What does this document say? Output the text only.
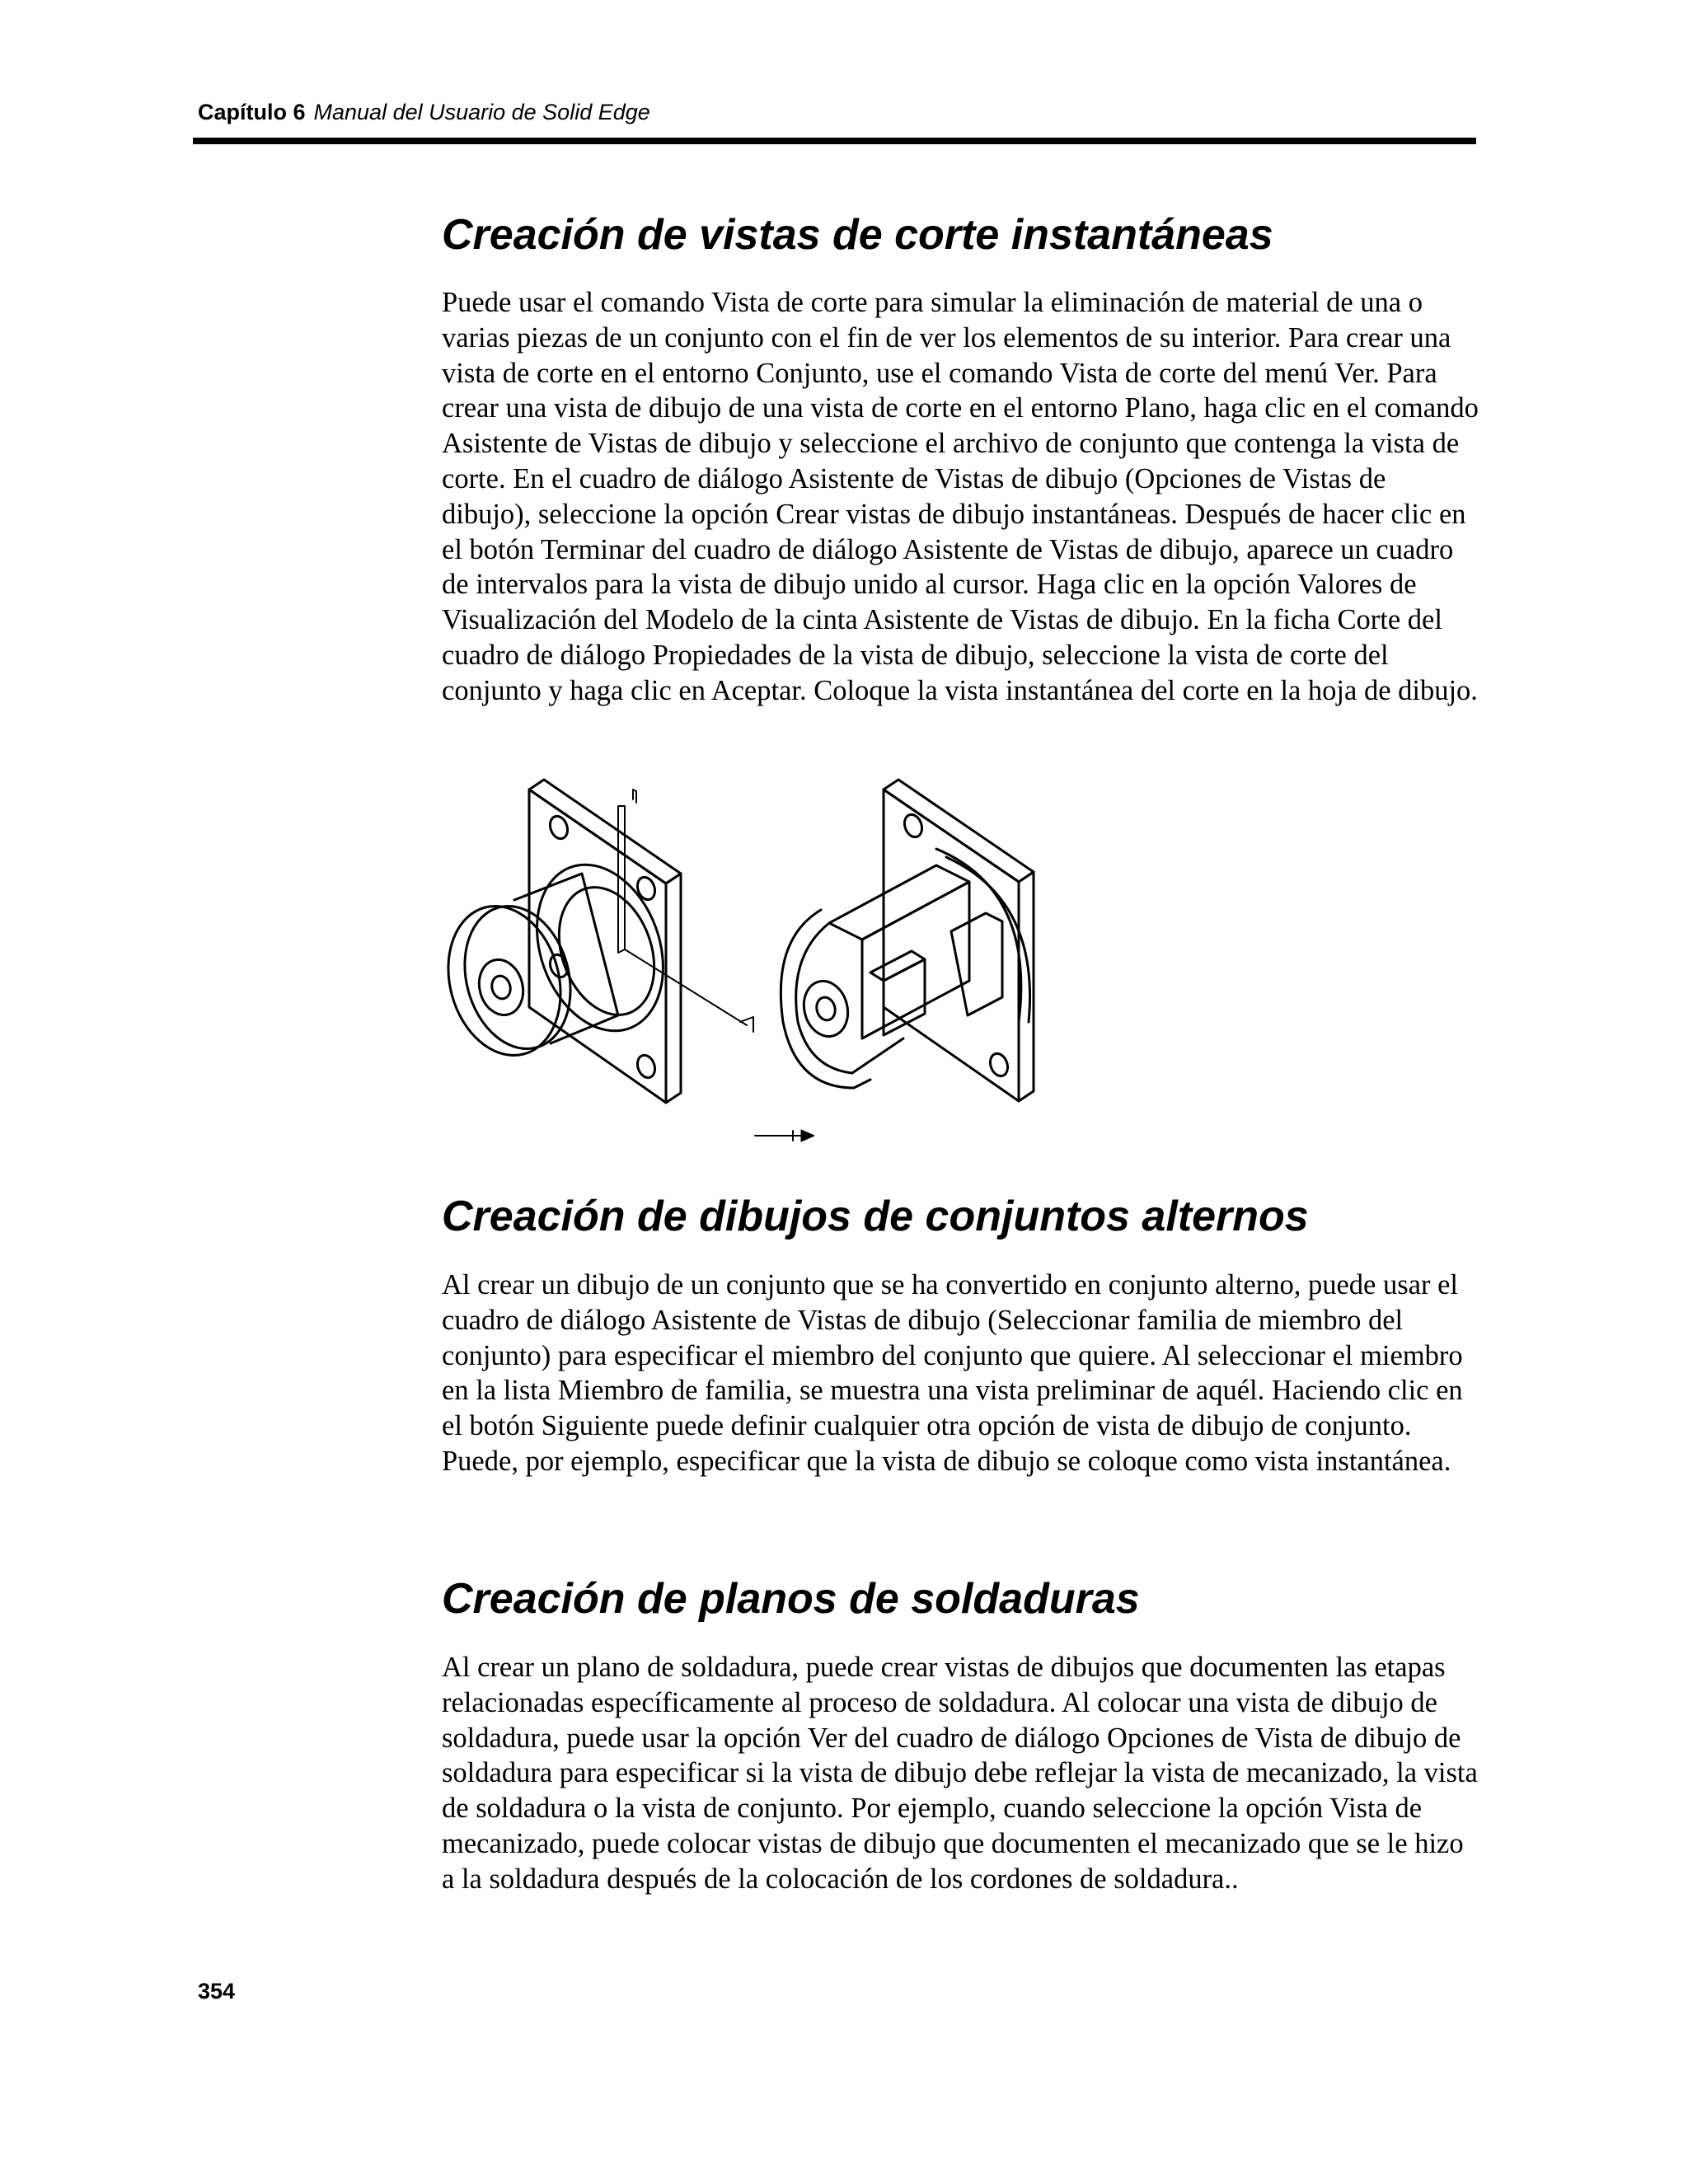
Capítulo 6 Manual del Usuario de Solid Edge
Creación de vistas de corte instantáneas

Puede usar el comando Vista de corte para simular la eliminación de material de una o varias piezas de un conjunto con el fin de ver los elementos de su interior. Para crear una vista de corte en el entorno Conjunto, use el comando Vista de corte del menú Ver. Para crear una vista de dibujo de una vista de corte en el entorno Plano, haga clic en el comando Asistente de Vistas de dibujo y seleccione el archivo de conjunto que contenga la vista de corte. En el cuadro de diálogo Asistente de Vistas de dibujo (Opciones de Vistas de dibujo), seleccione la opción Crear vistas de dibujo instantáneas. Después de hacer clic en el botón Terminar del cuadro de diálogo Asistente de Vistas de dibujo, aparece un cuadro de intervalos para la vista de dibujo unido al cursor. Haga clic en la opción Valores de Visualización del Modelo de la cinta Asistente de Vistas de dibujo. En la ficha Corte del cuadro de diálogo Propiedades de la vista de dibujo, seleccione la vista de corte del conjunto y haga clic en Aceptar. Coloque la vista instantánea del corte en la hoja de dibujo.

Creación de dibujos de conjuntos alternos

Al crear un dibujo de un conjunto que se ha convertido en conjunto alterno, puede usar el cuadro de diálogo Asistente de Vistas de dibujo (Seleccionar familia de miembro del conjunto) para especificar el miembro del conjunto que quiere. Al seleccionar el miembro en la lista Miembro de familia, se muestra una vista preliminar de aquél. Haciendo clic en el botón Siguiente puede definir cualquier otra opción de vista de dibujo de conjunto. Puede, por ejemplo, especificar que la vista de dibujo se coloque como vista instantánea.

Creación de planos de soldaduras

Al crear un plano de soldadura, puede crear vistas de dibujos que documenten las etapas relacionadas específicamente al proceso de soldadura. Al colocar una vista de dibujo de soldadura, puede usar la opción Ver del cuadro de diálogo Opciones de Vista de dibujo de soldadura para especificar si la vista de dibujo debe reflejar la vista de mecanizado, la vista de soldadura o la vista de conjunto. Por ejemplo, cuando seleccione la opción Vista de mecanizado, puede colocar vistas de dibujo que documenten el mecanizado que se le hizo a la soldadura después de la colocación de los cordones de soldadura..

354
